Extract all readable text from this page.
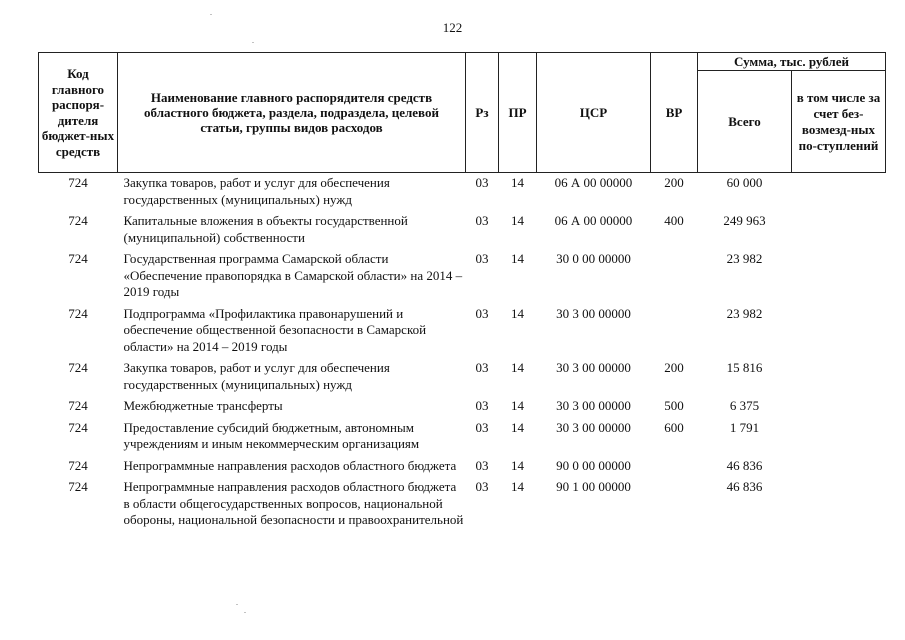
122
Код главного распоря-дителя бюджет-ных средств	Наименование главного распорядителя средств областного бюджета, раздела, подраздела, целевой статьи, группы видов расходов	Рз	ПР	ЦСР	ВР	Сумма, тыс. рублей	
						Всего	в том числе за счет без-возмезд-ных по-ступлений
724	Закупка товаров, работ и услуг для обеспечения государственных (муниципальных) нужд	03	14	06 А 00 00000	200	60 000	
724	Капитальные вложения в объекты государственной (муниципальной) собственности	03	14	06 А 00 00000	400	249 963	
724	Государственная программа Самарской области «Обеспечение правопорядка в Самарской области» на 2014 – 2019 годы	03	14	30 0 00 00000		23 982	
724	Подпрограмма «Профилактика правонарушений и обеспечение общественной безопасности в Самарской области» на 2014 – 2019 годы	03	14	30 3 00 00000		23 982	
724	Закупка товаров, работ и услуг для обеспечения государственных (муниципальных) нужд	03	14	30 3 00 00000	200	15 816	
724	Межбюджетные трансферты	03	14	30 3 00 00000	500	6 375	
724	Предоставление субсидий бюджетным, автономным учреждениям и иным некоммерческим организациям	03	14	30 3 00 00000	600	1 791	
724	Непрограммные направления расходов областного бюджета	03	14	90 0 00 00000		46 836	
724	Непрограммные направления расходов областного бюджета в области общегосударственных вопросов, национальной обороны, национальной безопасности и правоохранительной	03	14	90 1 00 00000		46 836	
